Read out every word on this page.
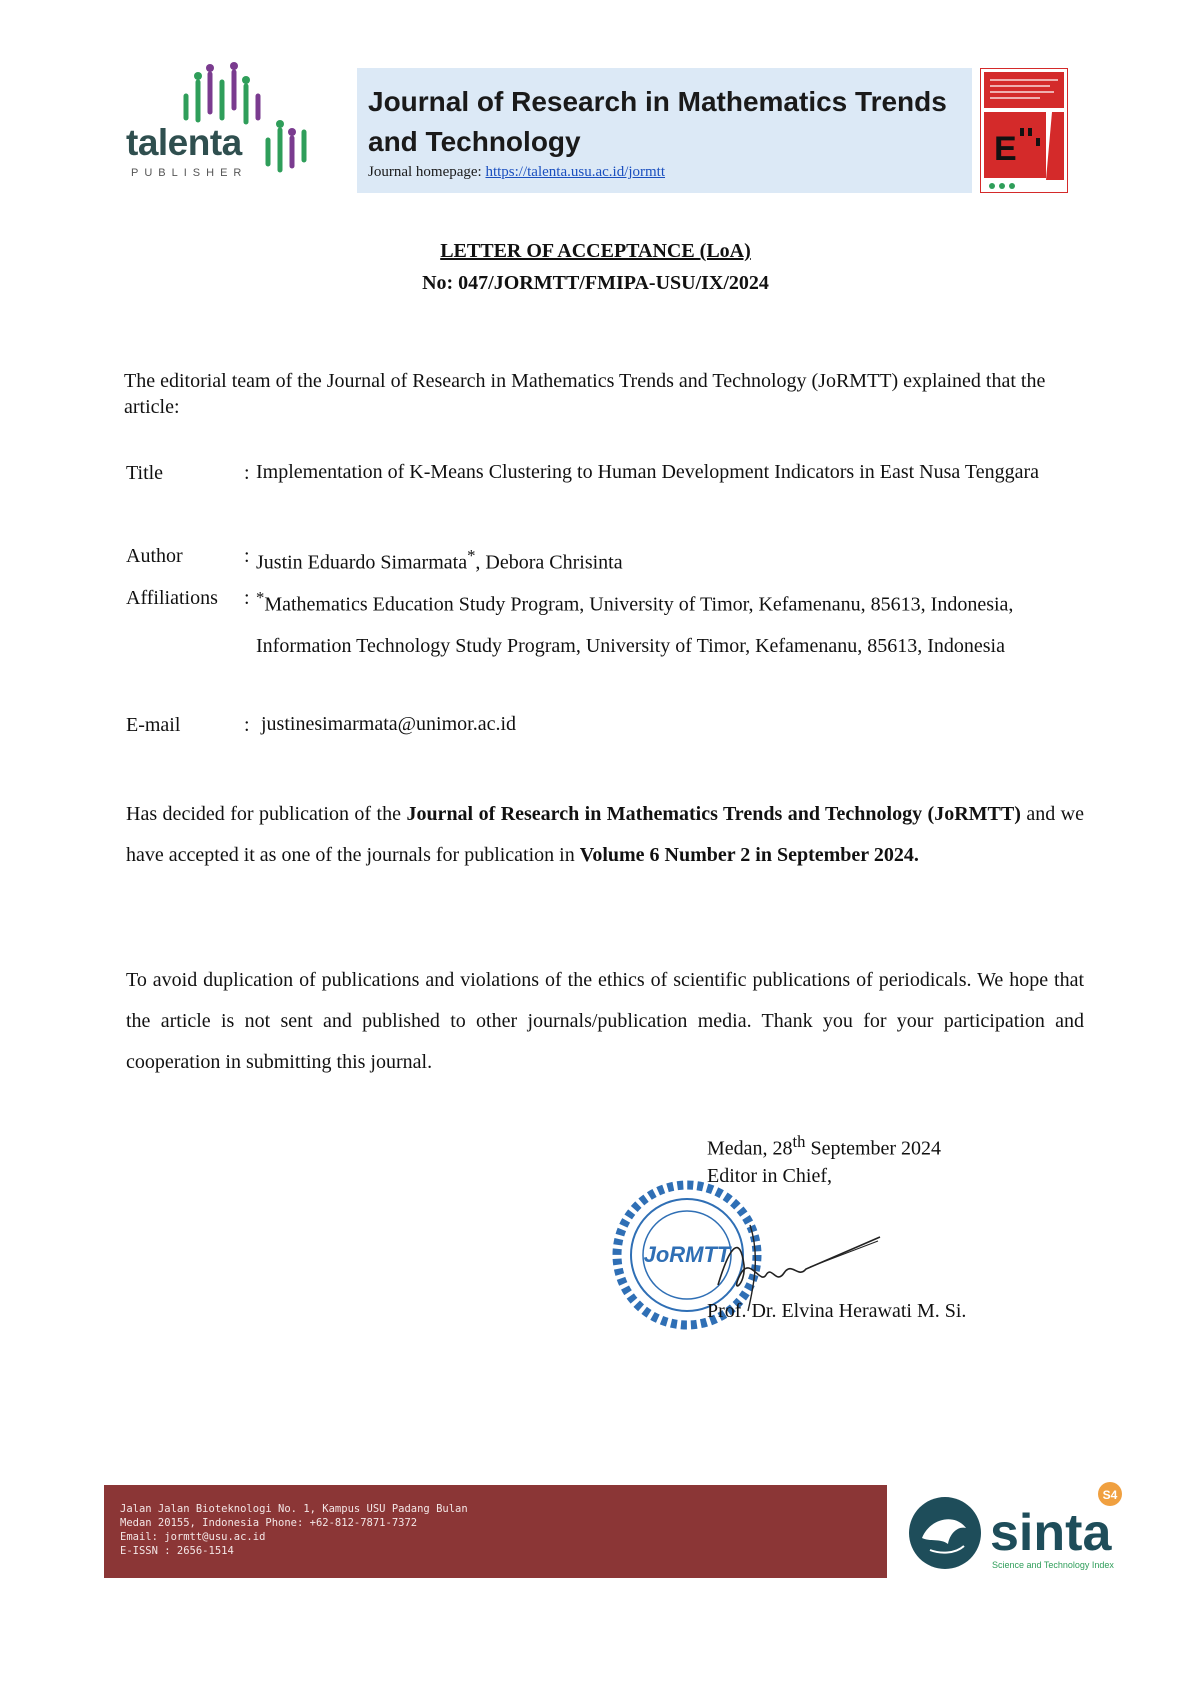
talenta
PUBLISHER
Journal of Research in Mathematics Trends and Technology
Journal homepage: https://talenta.usu.ac.id/jormtt
E
LETTER OF ACCEPTANCE (LoA)
No: 047/JORMTT/FMIPA-USU/IX/2024
The editorial team of the Journal of Research in Mathematics Trends and Technology (JoRMTT) explained that the article:
Title	: Implementation of K-Means Clustering to Human Development Indicators in East Nusa Tenggara
Author	: Justin Eduardo Simarmata*, Debora Chrisinta
Affiliations : *Mathematics Education Study Program, University of Timor, Kefamenanu, 85613, Indonesia, Information Technology Study Program, University of Timor, Kefamenanu, 85613, Indonesia
E-mail	: justinesimarmata@unimor.ac.id
Has decided for publication of the Journal of Research in Mathematics Trends and Technology (JoRMTT) and we have accepted it as one of the journals for publication in Volume 6 Number 2 in September 2024.
To avoid duplication of publications and violations of the ethics of scientific publications of periodicals. We hope that the article is not sent and published to other journals/publication media. Thank you for your participation and cooperation in submitting this journal.
Medan, 28th September 2024
Editor in Chief,
JoRMTT
Prof. Dr. Elvina Herawati M. Si.
Jalan Jalan Bioteknologi No. 1, Kampus USU Padang Bulan
Medan 20155, Indonesia Phone: +62-812-7871-7372
Email: jormtt@usu.ac.id
E-ISSN : 2656-1514	sinta
Science and Technology Index
S4
